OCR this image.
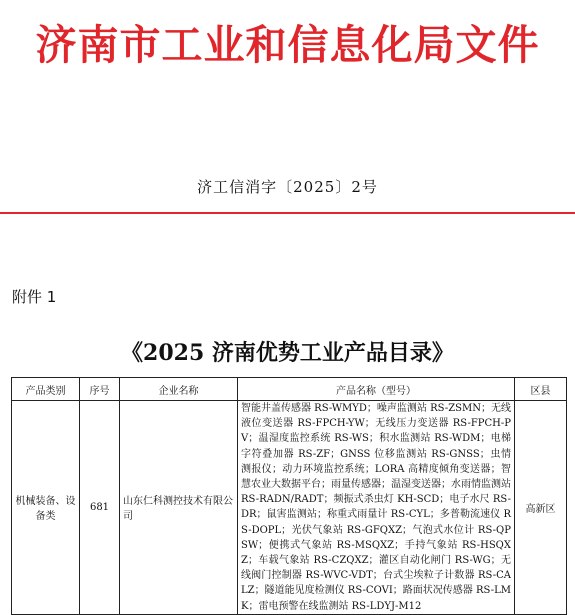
济南市工业和信息化局文件
济工信消字〔2025〕2号
附件 1
《2025 济南优势工业产品目录》
产品类别	序号	企业名称	产品名称（型号）	区县
机械装备、设备类	681	山东仁科测控技术有限公司	智能井盖传感器 RS-WMYD；噪声监测站 RS-ZSMN；无线液位变送器 RS-FPCH-YW；无线压力变送器 RS-FPCH-PV；温湿度监控系统 RS-WS；积水监测站 RS-WDM；电梯字符叠加器 RS-ZF；GNSS 位移监测站 RS-GNSS；虫情测报仪；动力环境监控系统；LORA 高精度倾角变送器；智慧农业大数据平台；雨量传感器；温湿变送器；水雨情监测站 RS-RADN/RADT；频振式杀虫灯 KH-SCD；电子水尺 RS-DR；鼠害监测站；称重式雨量计 RS-CYL；多普勒流速仪 RS-DOPL；光伏气象站 RS-GFQXZ；气泡式水位计 RS-QPSW；便携式气象站 RS-MSQXZ；手持气象站 RS-HSQXZ；车载气象站 RS-CZQXZ；灌区自动化闸门 RS-WG；无线阀门控制器 RS-WVC-VDT；台式尘埃粒子计数器 RS-CALZ；隧道能见度检测仪 RS-COVI；路面状况传感器 RS-LMK；雷电预警在线监测站 RS-LDYJ-M12	高新区
